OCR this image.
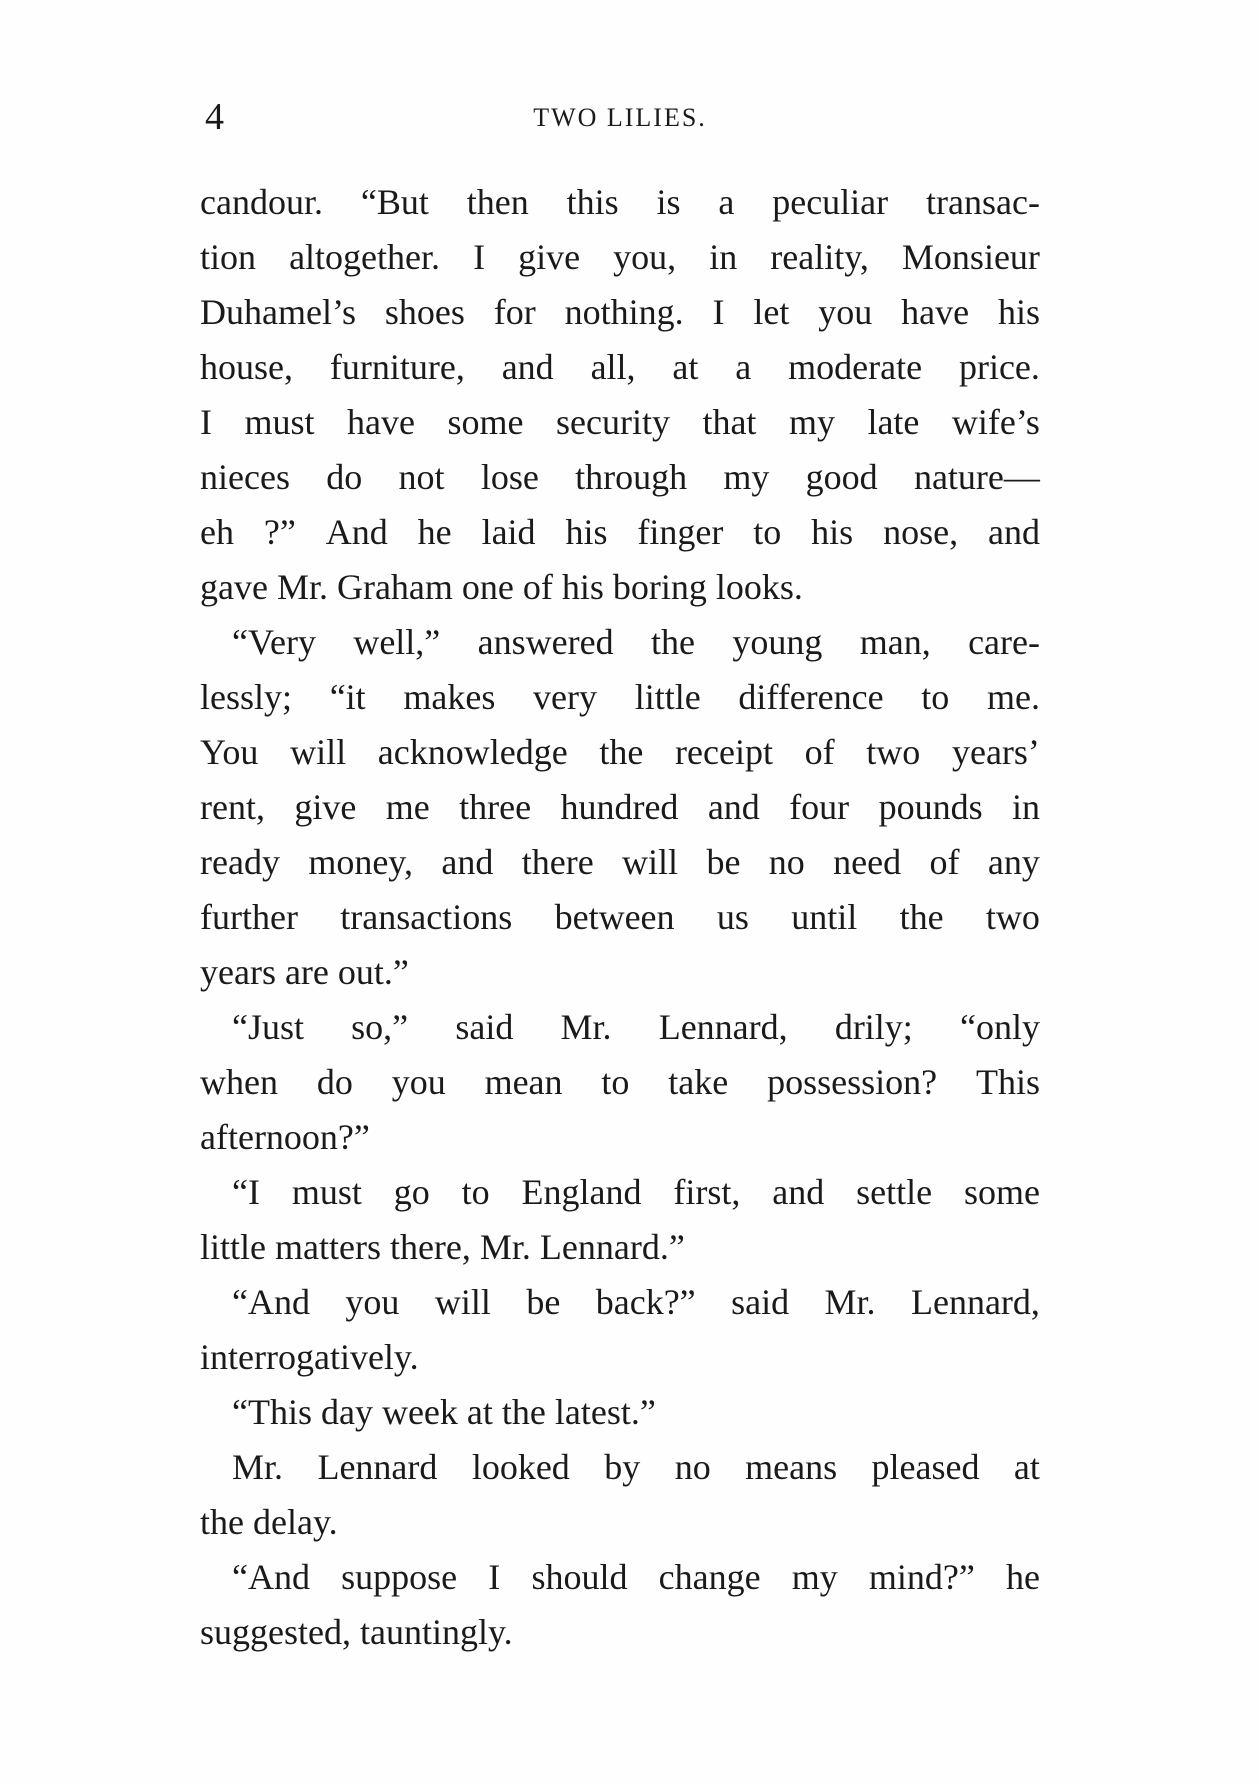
4	TWO LILIES.
candour. “But then this is a peculiar transac-
tion altogether. I give you, in reality, Monsieur
Duhamel’s shoes for nothing. I let you have his
house, furniture, and all, at a moderate price.
I must have some security that my late wife’s
nieces do not lose through my good nature—
eh ?” And he laid his finger to his nose, and
gave Mr. Graham one of his boring looks.
“Very well,” answered the young man, care-
lessly; “it makes very little difference to me.
You will acknowledge the receipt of two years’
rent, give me three hundred and four pounds in
ready money, and there will be no need of any
further transactions between us until the two
years are out.”
“Just so,” said Mr. Lennard, drily; “only
when do you mean to take possession? This
afternoon?”
“I must go to England first, and settle some
little matters there, Mr. Lennard.”
“And you will be back?” said Mr. Lennard,
interrogatively.
“This day week at the latest.”
Mr. Lennard looked by no means pleased at
the delay.
“And suppose I should change my mind?” he
suggested, tauntingly.
